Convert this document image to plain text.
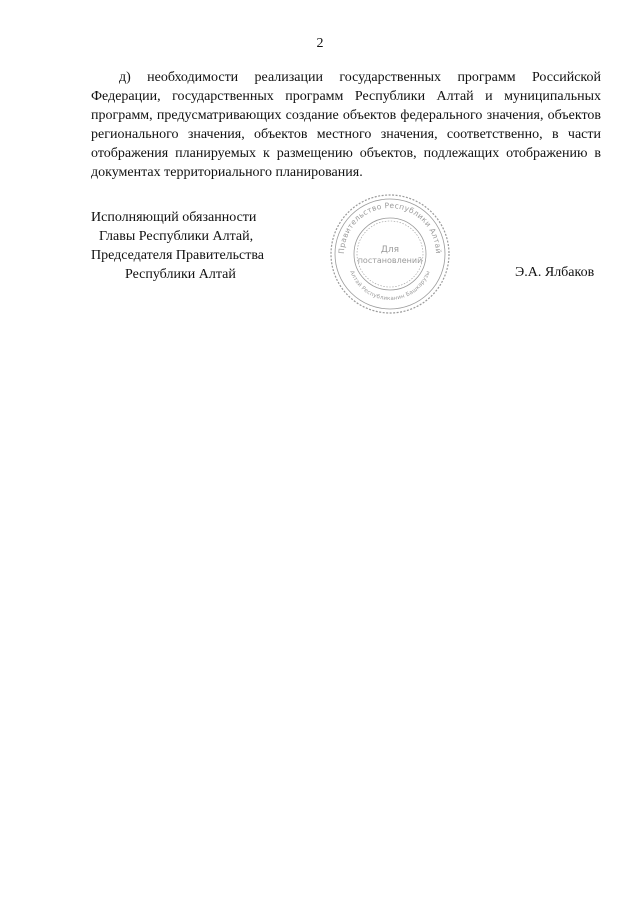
2

д) необходимости реализации государственных программ Российской Федерации, государственных программ Республики Алтай и муниципальных программ, предусматривающих создание объектов федерального значения, объектов регионального значения, объектов местного значения, соответственно, в части отображения планируемых к размещению объектов, подлежащих отображению в документах территориального планирования.

Исполняющий обязанности
Главы Республики Алтай,
Председателя Правительства
Республики Алтай
Правительство Республики Алтай
Алтай Республиканин Башкарузы
Для
постановлений
Э.А. Ялбаков
